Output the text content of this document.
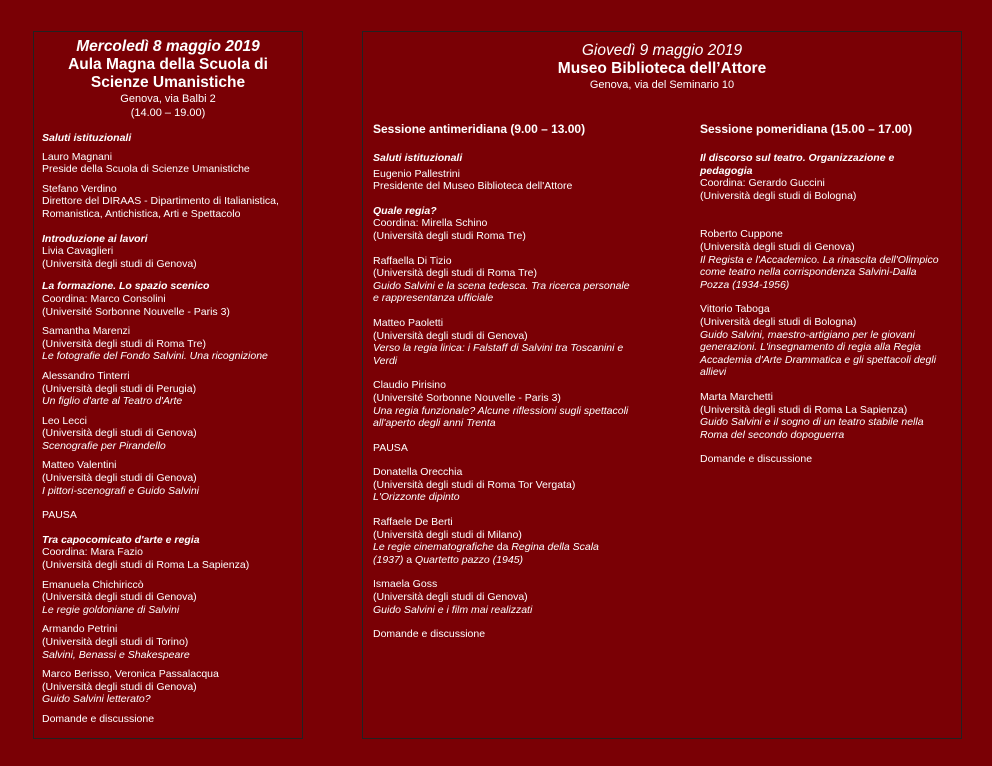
Mercoledì 8 maggio 2019
Aula Magna della Scuola di Scienze Umanistiche
Genova, via Balbi 2
(14.00 – 19.00)

Saluti istituzionali

Lauro Magnani

Preside della Scuola di Scienze Umanistiche

Stefano Verdino

Direttore del DIRAAS - Dipartimento di Italianistica, Romanistica, Antichistica, Arti e Spettacolo

Introduzione ai lavori

Livia Cavaglieri

(Università degli studi di Genova)

La formazione. Lo spazio scenico

Coordina: Marco Consolini

(Université Sorbonne Nouvelle - Paris 3)

Samantha Marenzi

(Università degli studi di Roma Tre)

Le fotografie del Fondo Salvini. Una ricognizione

Alessandro Tinterri

(Università degli studi di Perugia)

Un figlio d'arte al Teatro d'Arte

Leo Lecci

(Università degli studi di Genova)

Scenografie per Pirandello

Matteo Valentini

(Università degli studi di Genova)

I pittori-scenografi e Guido Salvini

PAUSA

Tra capocomicato d'arte e regia

Coordina: Mara Fazio

(Università degli studi di Roma La Sapienza)

Emanuela Chichiriccò

(Università degli studi di Genova)

Le regie goldoniane di Salvini

Armando Petrini

(Università degli studi di Torino)

Salvini, Benassi e Shakespeare

Marco Berisso, Veronica Passalacqua

(Università degli studi di Genova)

Guido Salvini letterato?

Domande e discussione

Giovedì 9 maggio 2019
Museo Biblioteca dell’Attore
Genova, via del Seminario 10

Sessione antimeridiana (9.00 – 13.00)

Saluti istituzionali

Eugenio Pallestrini

Presidente del Museo Biblioteca dell'Attore

Quale regia?

Coordina: Mirella Schino

(Università degli studi Roma Tre)

Raffaella Di Tizio

(Università degli studi di Roma Tre)

Guido Salvini e la scena tedesca. Tra ricerca personale e rappresentanza ufficiale

Matteo Paoletti

(Università degli studi di Genova)

Verso la regia lirica: i Falstaff di Salvini tra Toscanini e Verdi

Claudio Pirisino

(Université Sorbonne Nouvelle - Paris 3)

Una regia funzionale? Alcune riflessioni sugli spettacoli all'aperto degli anni Trenta

PAUSA

Donatella Orecchia

(Università degli studi di Roma Tor Vergata)

L'Orizzonte dipinto

Raffaele De Berti

(Università degli studi di Milano)

Le regie cinematografiche da Regina della Scala
(1937) a Quartetto pazzo (1945)

Ismaela Goss

(Università degli studi di Genova)

Guido Salvini e i film mai realizzati

Domande e discussione

Sessione pomeridiana (15.00 – 17.00)

Il discorso sul teatro. Organizzazione e pedagogia

Coordina: Gerardo Guccini

(Università degli studi di Bologna)

Roberto Cuppone

(Università degli studi di Genova)

Il Regista e l'Accademico. La rinascita dell'Olimpico come teatro nella corrispondenza Salvini-Dalla Pozza (1934-1956)

Vittorio Taboga

(Università degli studi di Bologna)

Guido Salvini, maestro-artigiano per le giovani generazioni. L'insegnamento di regia alla Regia Accademia d'Arte Drammatica e gli spettacoli degli allievi

Marta Marchetti

(Università degli studi di Roma La Sapienza)

Guido Salvini e il sogno di un teatro stabile nella Roma del secondo dopoguerra

Domande e discussione
